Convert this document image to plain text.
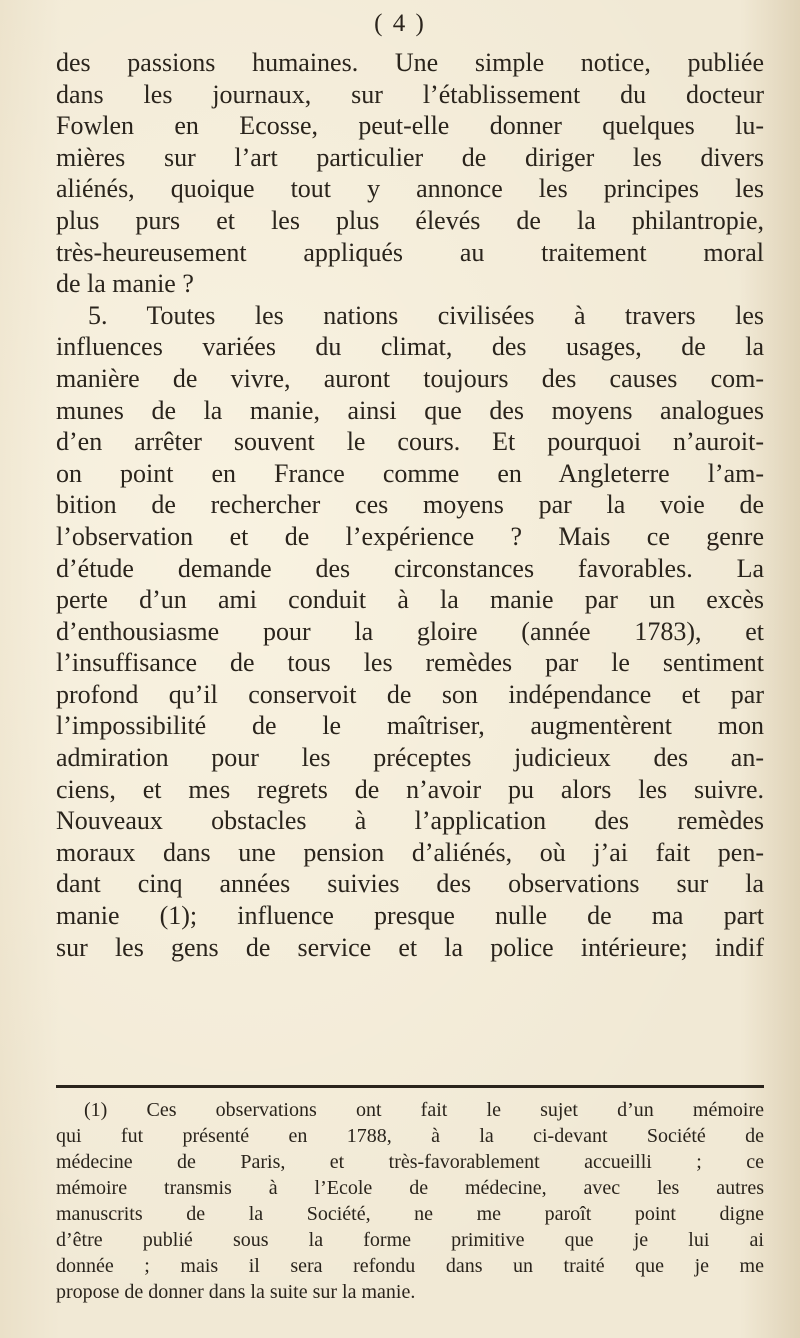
( 4 )
des passions humaines. Une simple notice, publiée
dans les journaux, sur l’établissement du docteur
Fowlen en Ecosse, peut-elle donner quelques lu-
mières sur l’art particulier de diriger les divers
aliénés, quoique tout y annonce les principes les
plus purs et les plus élevés de la philantropie,
très-heureusement appliqués au traitement moral
de la manie ?
5. Toutes les nations civilisées à travers les
influences variées du climat, des usages, de la
manière de vivre, auront toujours des causes com-
munes de la manie, ainsi que des moyens analogues
d’en arrêter souvent le cours. Et pourquoi n’auroit-
on point en France comme en Angleterre l’am-
bition de rechercher ces moyens par la voie de
l’observation et de l’expérience ? Mais ce genre
d’étude demande des circonstances favorables. La
perte d’un ami conduit à la manie par un excès
d’enthousiasme pour la gloire (année 1783), et
l’insuffisance de tous les remèdes par le sentiment
profond qu’il conservoit de son indépendance et par
l’impossibilité de le maîtriser, augmentèrent mon
admiration pour les préceptes judicieux des an-
ciens, et mes regrets de n’avoir pu alors les suivre.
Nouveaux obstacles à l’application des remèdes
moraux dans une pension d’aliénés, où j’ai fait pen-
dant cinq années suivies des observations sur la
manie (1); influence presque nulle de ma part
sur les gens de service et la police intérieure; indif
(1) Ces observations ont fait le sujet d’un mémoire
qui fut présenté en 1788, à la ci-devant Société de
médecine de Paris, et très-favorablement accueilli ; ce
mémoire transmis à l’Ecole de médecine, avec les autres
manuscrits de la Société, ne me paroît point digne
d’être publié sous la forme primitive que je lui ai
donnée ; mais il sera refondu dans un traité que je me
propose de donner dans la suite sur la manie.
